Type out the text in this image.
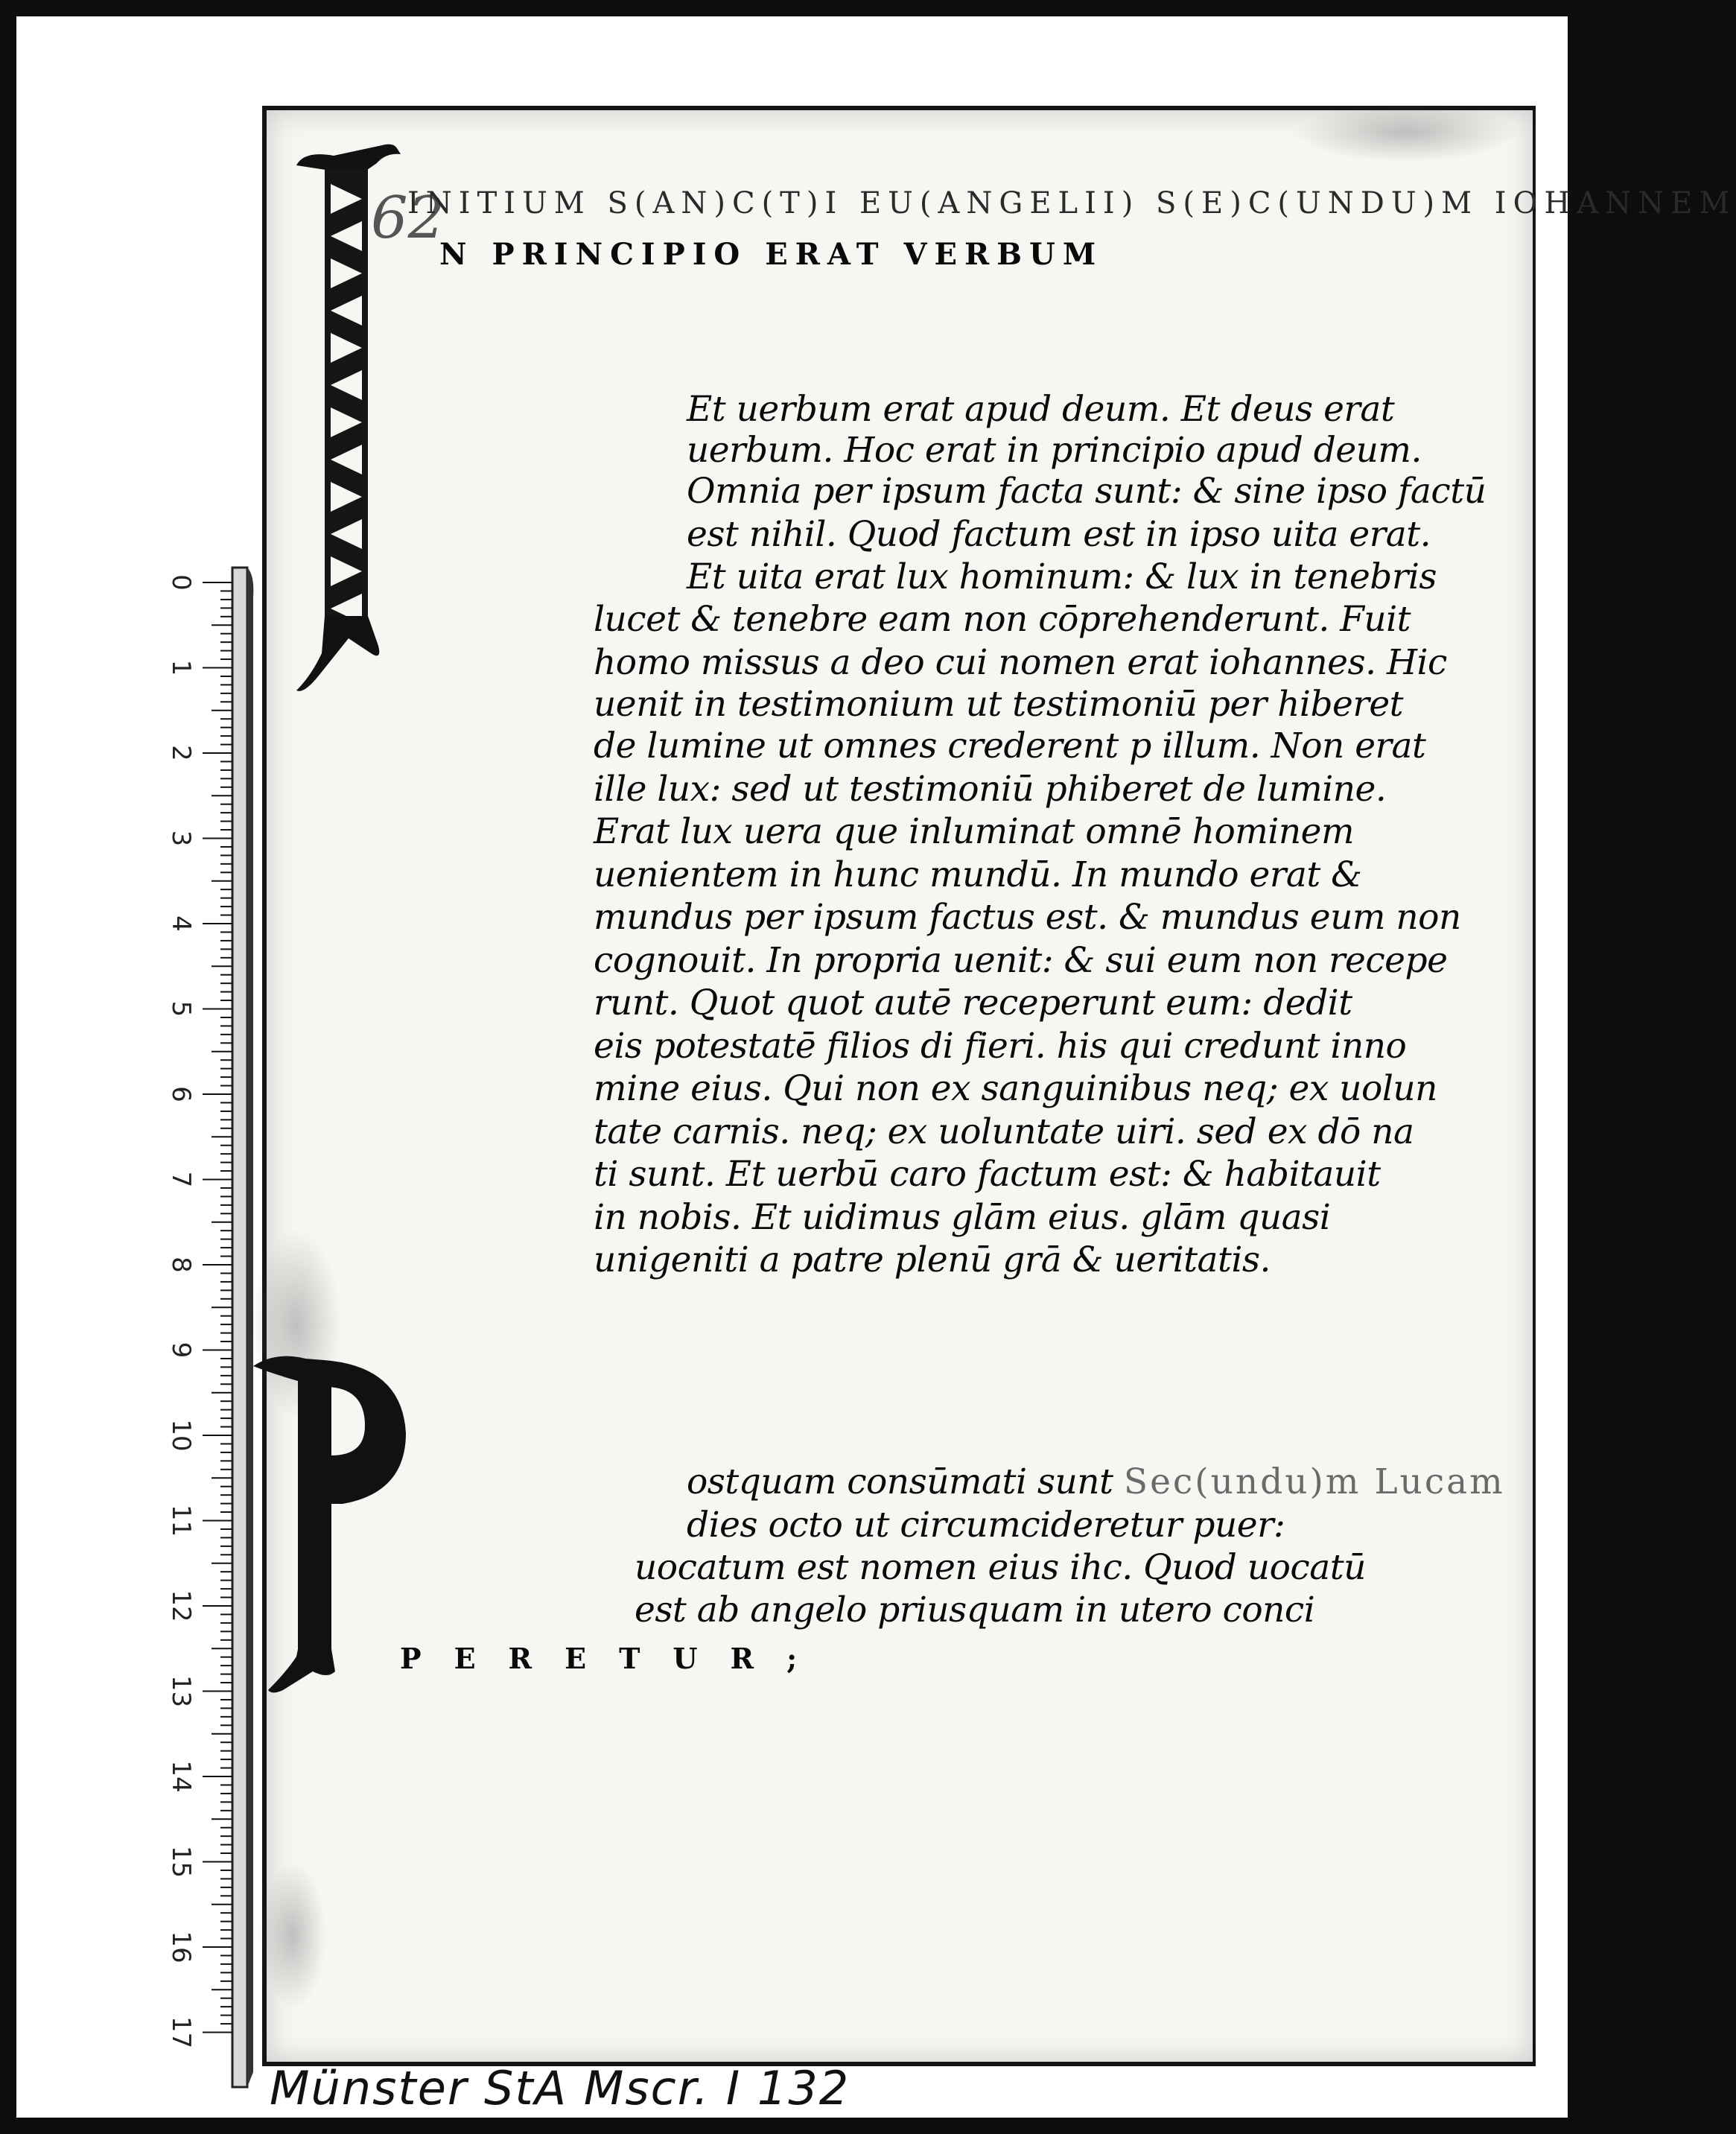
62
INITIUM S(AN)C(T)I EU(ANGELII) S(E)C(UNDU)M IOHANNEM
N PRINCIPIO ERAT VERBUM
Et uerbum erat apud deum. Et deus erat
uerbum. Hoc erat in principio apud deum.
Omnia per ipsum facta sunt: & sine ipso factū
est nihil. Quod factum est in ipso uita erat.
Et uita erat lux hominum: & lux in tenebris
lucet & tenebre eam non cōprehenderunt. Fuit
homo missus a deo cui nomen erat iohannes. Hic
uenit in testimonium ut testimoniū per hiberet
de lumine ut omnes crederent p illum. Non erat
ille lux: sed ut testimoniū phiberet de lumine.
Erat lux uera que inluminat omnē hominem
uenientem in hunc mundū. In mundo erat &
mundus per ipsum factus est. & mundus eum non
cognouit. In propria uenit: & sui eum non recepe
runt. Quot quot autē receperunt eum: dedit
eis potestatē filios di fieri. his qui credunt inno
mine eius. Qui non ex sanguinibus neq; ex uolun
tate carnis. neq; ex uoluntate uiri. sed ex dō na
ti sunt. Et uerbū caro factum est: & habitauit
in nobis. Et uidimus glām eius. glām quasi
unigeniti a patre plenū grā & ueritatis.
ostquam consūmati sunt Sec(undu)m Lucam
dies octo ut circumcideretur puer:
uocatum est nomen eius ihc. Quod uocatū
est ab angelo priusquam in utero conci
PERETUR;
0
1
2
3
4
5
6
7
8
9
10
11
12
13
14
15
16
17
Münster StA Mscr. I 132
